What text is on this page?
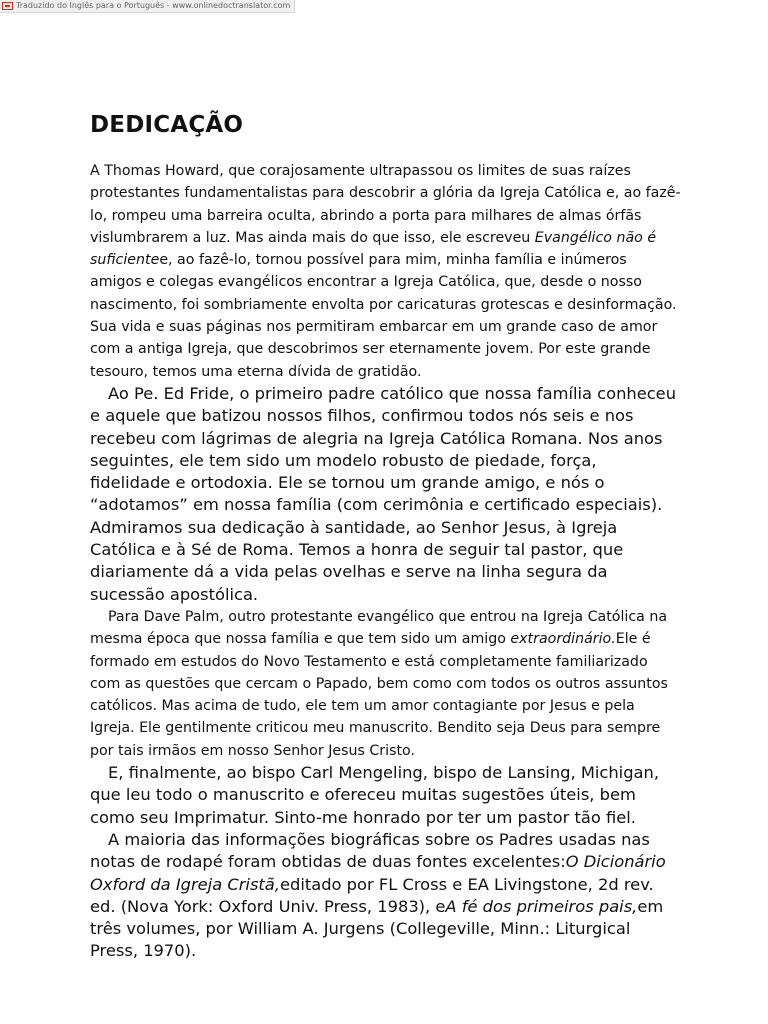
Traduzido do Inglês para o Português - www.onlinedoctranslator.com
DEDICAÇÃO

A Thomas Howard, que corajosamente ultrapassou os limites de suas raízes protestantes fundamentalistas para descobrir a glória da Igreja Católica e, ao fazê-lo, rompeu uma barreira oculta, abrindo a porta para milhares de almas órfãs vislumbrarem a luz. Mas ainda mais do que isso, ele escreveu Evangélico não é suficientee, ao fazê-lo, tornou possível para mim, minha família e inúmeros amigos e colegas evangélicos encontrar a Igreja Católica, que, desde o nosso nascimento, foi sombriamente envolta por caricaturas grotescas e desinformação. Sua vida e suas páginas nos permitiram embarcar em um grande caso de amor com a antiga Igreja, que descobrimos ser eternamente jovem. Por este grande tesouro, temos uma eterna dívida de gratidão.

Ao Pe. Ed Fride, o primeiro padre católico que nossa família conheceu e aquele que batizou nossos filhos, confirmou todos nós seis e nos recebeu com lágrimas de alegria na Igreja Católica Romana. Nos anos seguintes, ele tem sido um modelo robusto de piedade, força, fidelidade e ortodoxia. Ele se tornou um grande amigo, e nós o “adotamos” em nossa família (com cerimônia e certificado especiais). Admiramos sua dedicação à santidade, ao Senhor Jesus, à Igreja Católica e à Sé de Roma. Temos a honra de seguir tal pastor, que diariamente dá a vida pelas ovelhas e serve na linha segura da sucessão apostólica.

Para Dave Palm, outro protestante evangélico que entrou na Igreja Católica na mesma época que nossa família e que tem sido um amigo extraordinário.Ele é formado em estudos do Novo Testamento e está completamente familiarizado com as questões que cercam o Papado, bem como com todos os outros assuntos católicos. Mas acima de tudo, ele tem um amor contagiante por Jesus e pela Igreja. Ele gentilmente criticou meu manuscrito. Bendito seja Deus para sempre por tais irmãos em nosso Senhor Jesus Cristo.

E, finalmente, ao bispo Carl Mengeling, bispo de Lansing, Michigan, que leu todo o manuscrito e ofereceu muitas sugestões úteis, bem como seu Imprimatur. Sinto-me honrado por ter um pastor tão fiel.

A maioria das informações biográficas sobre os Padres usadas nas notas de rodapé foram obtidas de duas fontes excelentes:O Dicionário Oxford da Igreja Cristã,editado por FL Cross e EA Livingstone, 2d rev. ed. (Nova York: Oxford Univ. Press, 1983), eA fé dos primeiros pais,em três volumes, por William A. Jurgens (Collegeville, Minn.: Liturgical Press, 1970).
